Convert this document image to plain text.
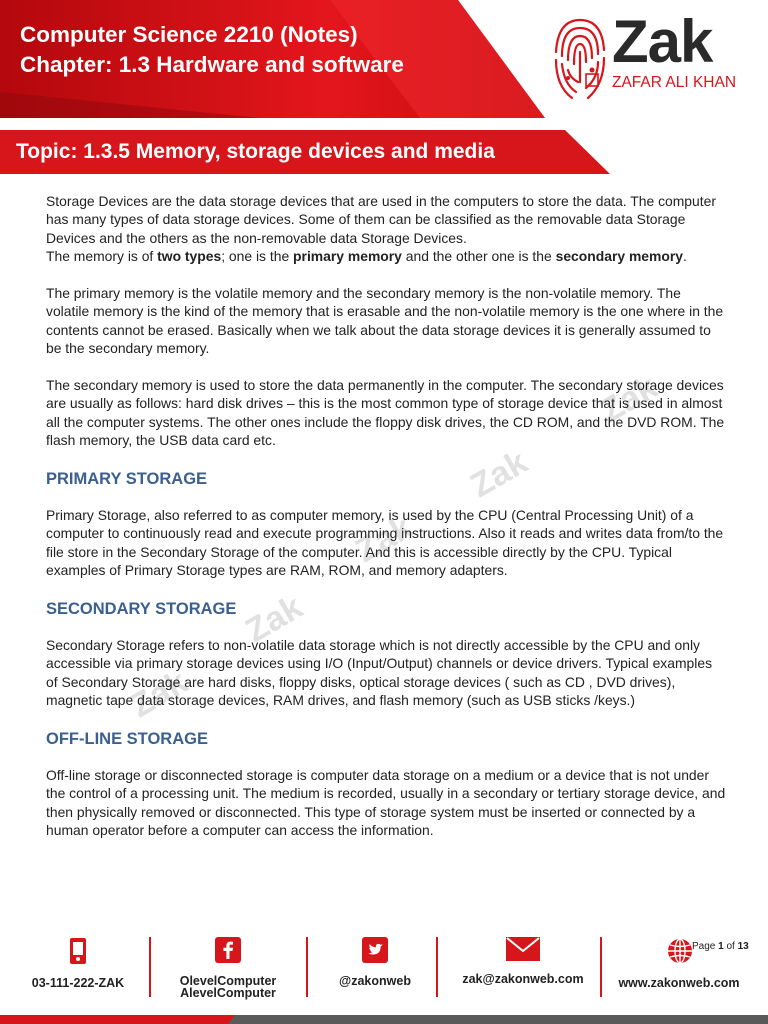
Computer Science 2210 (Notes)
Chapter: 1.3 Hardware and software	Zak
ZAFAR ALI KHAN
Topic: 1.3.5 Memory, storage devices and media
Zak
Zak
Zak
Zak
Zak

Storage Devices are the data storage devices that are used in the computers to store the data. The computer has many types of data storage devices. Some of them can be classified as the removable data Storage Devices and the others as the non-removable data Storage Devices.

The memory is of two types; one is the primary memory and the other one is the secondary memory.

The primary memory is the volatile memory and the secondary memory is the non-volatile memory. The volatile memory is the kind of the memory that is erasable and the non-volatile memory is the one where in the contents cannot be erased. Basically when we talk about the data storage devices it is generally assumed to be the secondary memory.

The secondary memory is used to store the data permanently in the computer. The secondary storage devices are usually as follows: hard disk drives – this is the most common type of storage device that is used in almost all the computer systems. The other ones include the floppy disk drives, the CD ROM, and the DVD ROM. The flash memory, the USB data card etc.

PRIMARY STORAGE

Primary Storage, also referred to as computer memory, is used by the CPU (Central Processing Unit) of a computer to continuously read and execute programming instructions. Also it reads and writes data from/to the file store in the Secondary Storage of the computer. And this is accessible directly by the CPU. Typical examples of Primary Storage types are RAM, ROM, and memory adapters.

SECONDARY STORAGE

Secondary Storage refers to non-volatile data storage which is not directly accessible by the CPU and only accessible via primary storage devices using I/O (Input/Output) channels or device drivers. Typical examples of Secondary Storage are hard disks, floppy disks, optical storage devices ( such as CD , DVD drives), magnetic tape data storage devices, RAM drives, and flash memory (such as USB sticks /keys.)

OFF-LINE STORAGE

Off-line storage or disconnected storage is computer data storage on a medium or a device that is not under the control of a processing unit. The medium is recorded, usually in a secondary or tertiary storage device, and then physically removed or disconnected. This type of storage system must be inserted or connected by a human operator before a computer can access the information.

03-111-222-ZAK	OlevelComputer
AlevelComputer
@zakonweb	zak@zakonweb.com	www.zakonweb.com
Page 1 of 13
